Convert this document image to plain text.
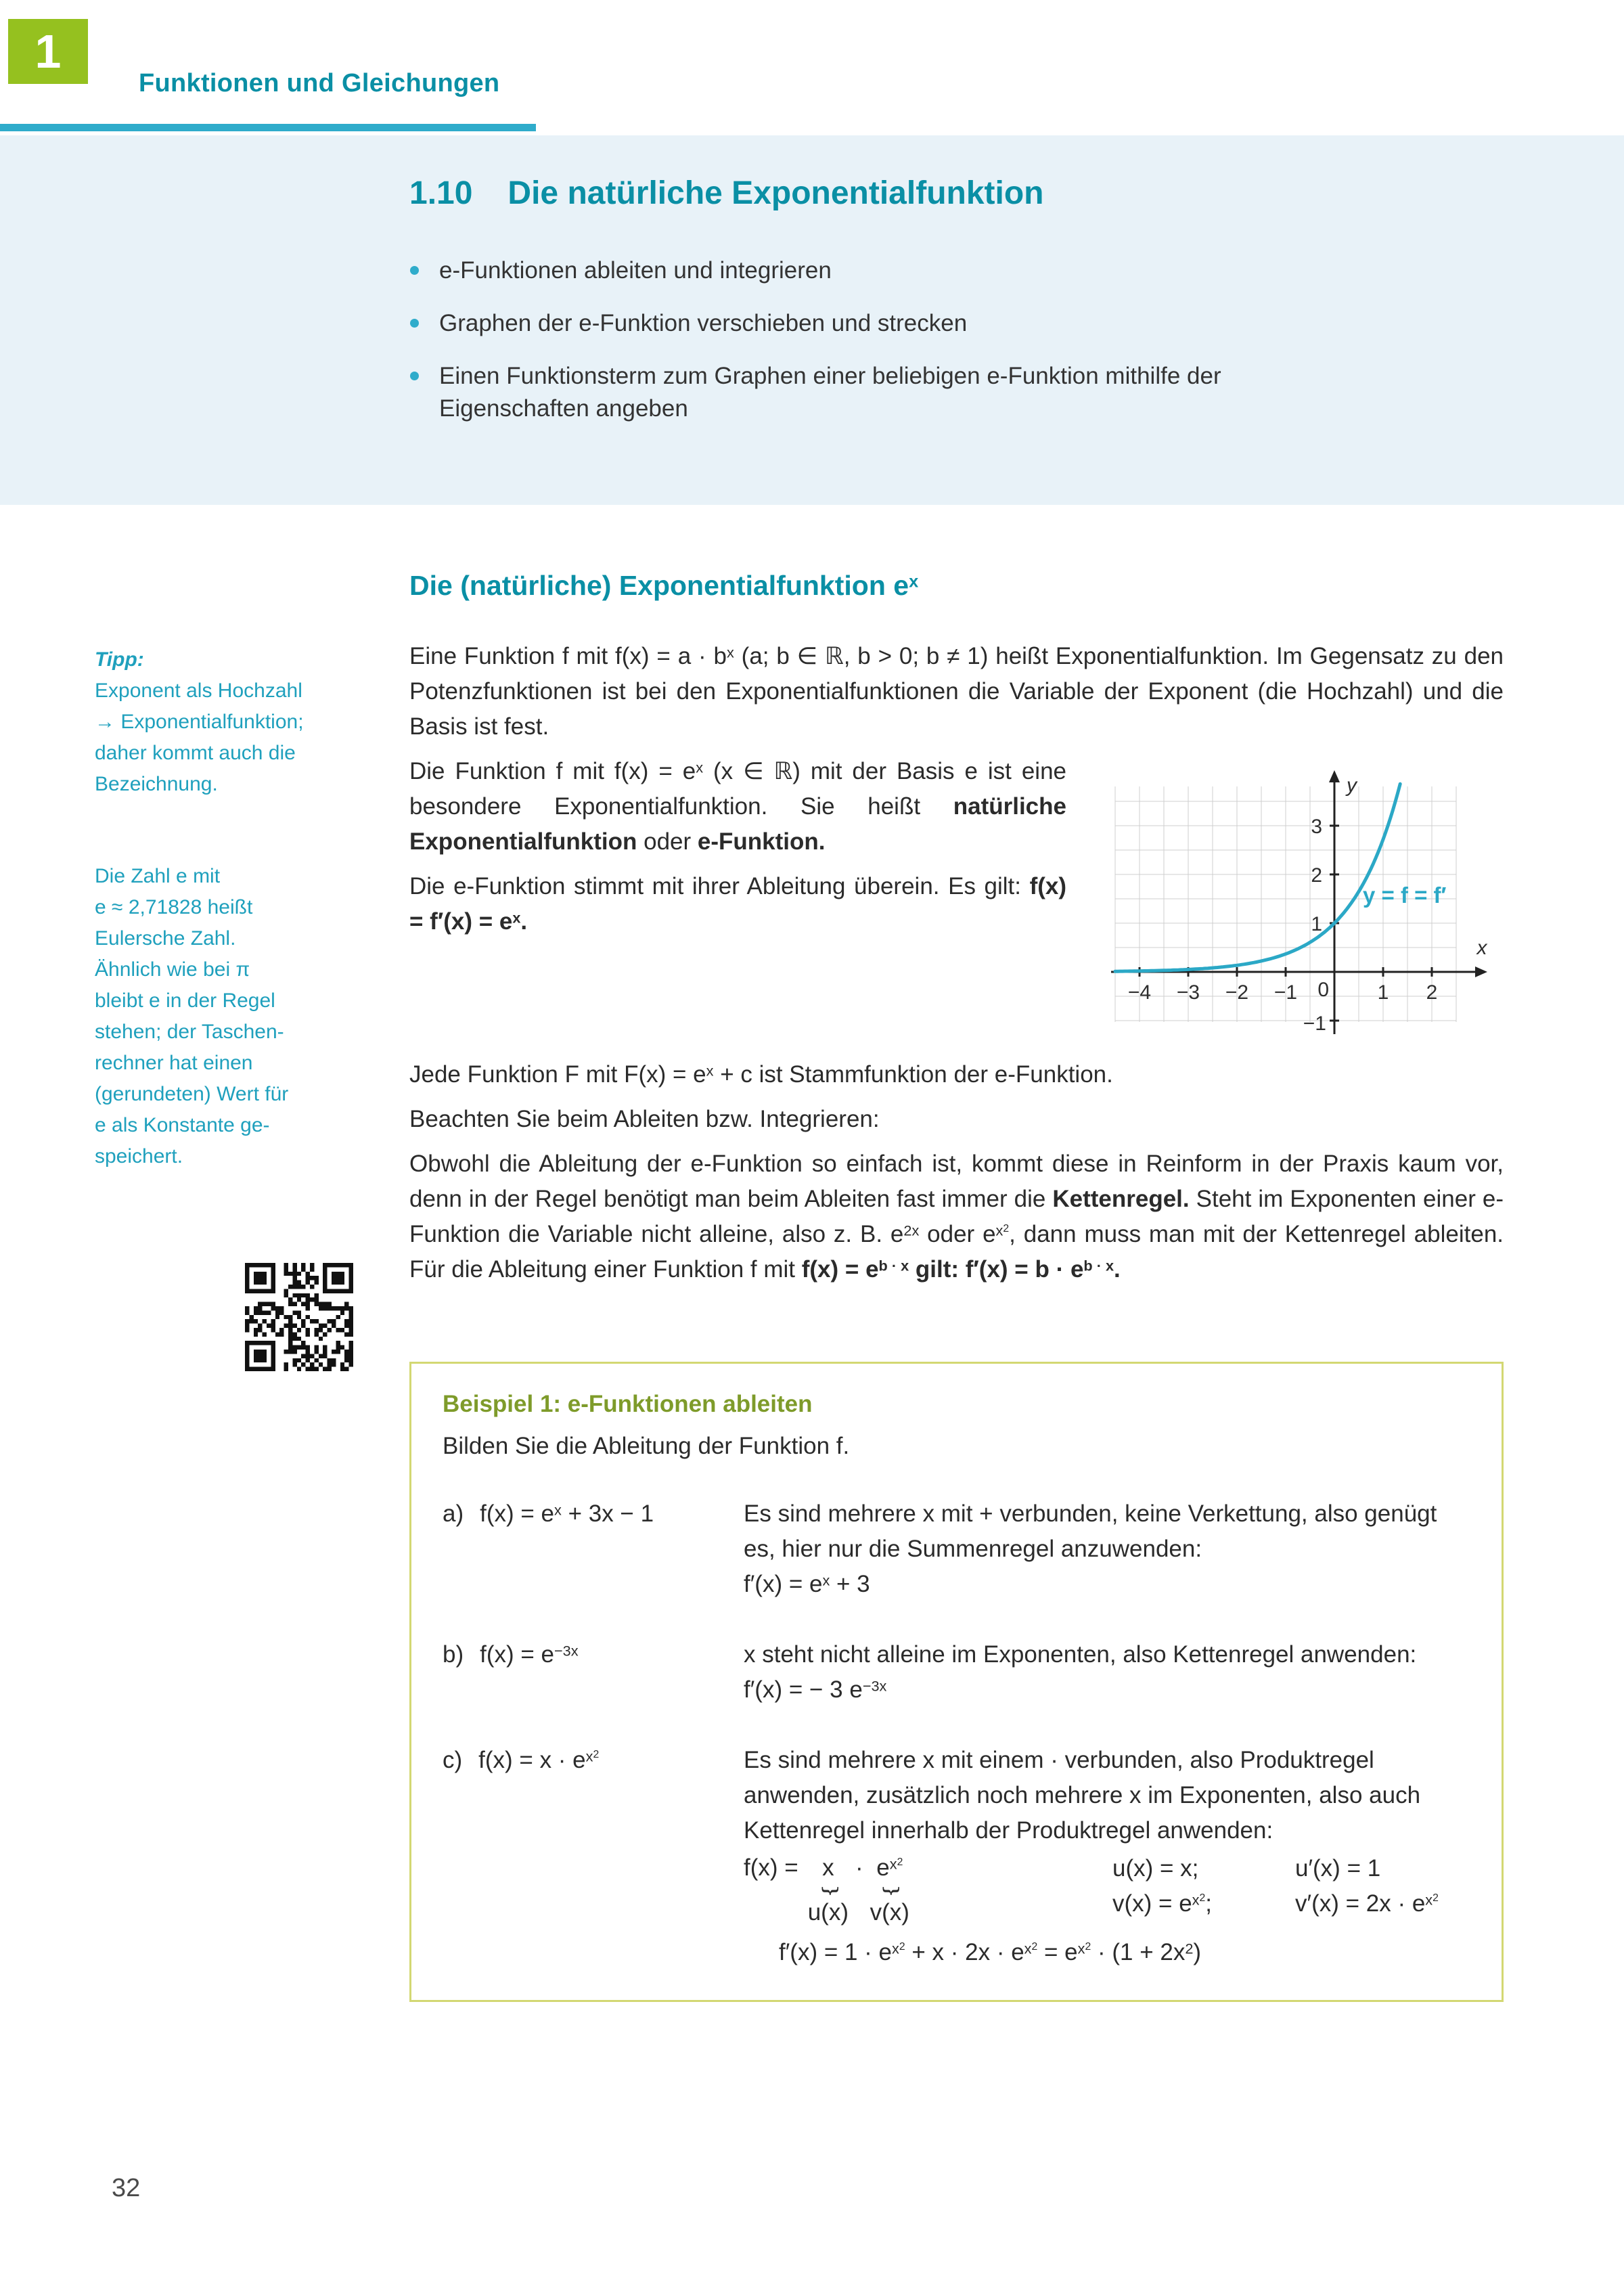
1
Funktionen und Gleichungen
1.10 Die natürliche Exponentialfunktion
e-Funktionen ableiten und integrieren
Graphen der e-Funktion verschieben und strecken
Einen Funktionsterm zum Graphen einer beliebigen e-Funktion mithilfe der Eigenschaften angeben
Tipp:
Exponent als Hochzahl
→ Exponentialfunktion;
daher kommt auch die
Bezeichnung.
Die Zahl e mit
e ≈ 2,71828 heißt
Eulersche Zahl.
Ähnlich wie bei π
bleibt e in der Regel
stehen; der Taschen-
rechner hat einen
(gerundeten) Wert für
e als Konstante ge-
speichert.
Die (natürliche) Exponentialfunktion $e^x$

Eine Funktion f mit $f(x) = a \cdot b^x$ (a; b ∈ ℝ, b > 0; b ≠ 1) heißt Exponentialfunktion. Im Gegensatz zu den Potenzfunktionen ist bei den Exponentialfunktionen die Variable der Exponent (die Hochzahl) und die Basis ist fest.

−4 −3 −2 −1	1 2
3
2
1
0
−1
x
y
y = f = f′

Die Funktion f mit $f(x) = e^x$ (x ∈ ℝ) mit der Basis e ist eine besondere Exponentialfunktion. Sie heißt natürliche Exponentialfunktion oder e-Funktion.

Die e-Funktion stimmt mit ihrer Ableitung überein. Es gilt: $f(x) = f'(x) = e^x$.

Jede Funktion F mit $F(x) = e^x + c$ ist Stammfunktion der e-Funktion.

Beachten Sie beim Ableiten bzw. Integrieren:

Obwohl die Ableitung der e-Funktion so einfach ist, kommt diese in Reinform in der Praxis kaum vor, denn in der Regel benötigt man beim Ableiten fast immer die Kettenregel. Steht im Exponenten einer e-Funktion die Variable nicht alleine, also z. B. $e^{2x}$ oder $e^{x2}$, dann muss man mit der Kettenregel ableiten. Für die Ableitung einer Funktion f mit $f(x) = e^{b \cdot x}$ gilt: $f'(x) = b \cdot e^{b \cdot x}$.

Beispiel 1: e-Funktionen ableiten
Bilden Sie die Ableitung der Funktion f.
a) $f(x) = e^x + 3x - 1$	Es sind mehrere x mit + verbunden, keine Verkettung, also genügt es, hier nur die Summenregel anzuwenden:
$f'(x) = e^x + 3$
b) $f(x) = e^{-3x}$	x steht nicht alleine im Exponenten, also Kettenregel anwenden:
f′(x) = − 3 $e^{-3x}$
c) $f(x) = x \cdot e^{x2}$	Es sind mehrere x mit einem · verbunden, also Produktregel anwenden, zusätzlich noch mehrere x im Exponenten, also auch Kettenregel innerhalb der Produktregel anwenden:
f(x) = x
{
u(x)
· $e^{x2}$
{
v(x)
u(x) = x;	u′(x) = 1
$v(x) = e^{x2}$;	$v'(x) = 2x \cdot e^{x2}$
$f'(x) = 1 \cdot e^{x2} + x \cdot 2x \cdot e^{x2} = e^{x2} \cdot (1 + 2x^2)$
32
